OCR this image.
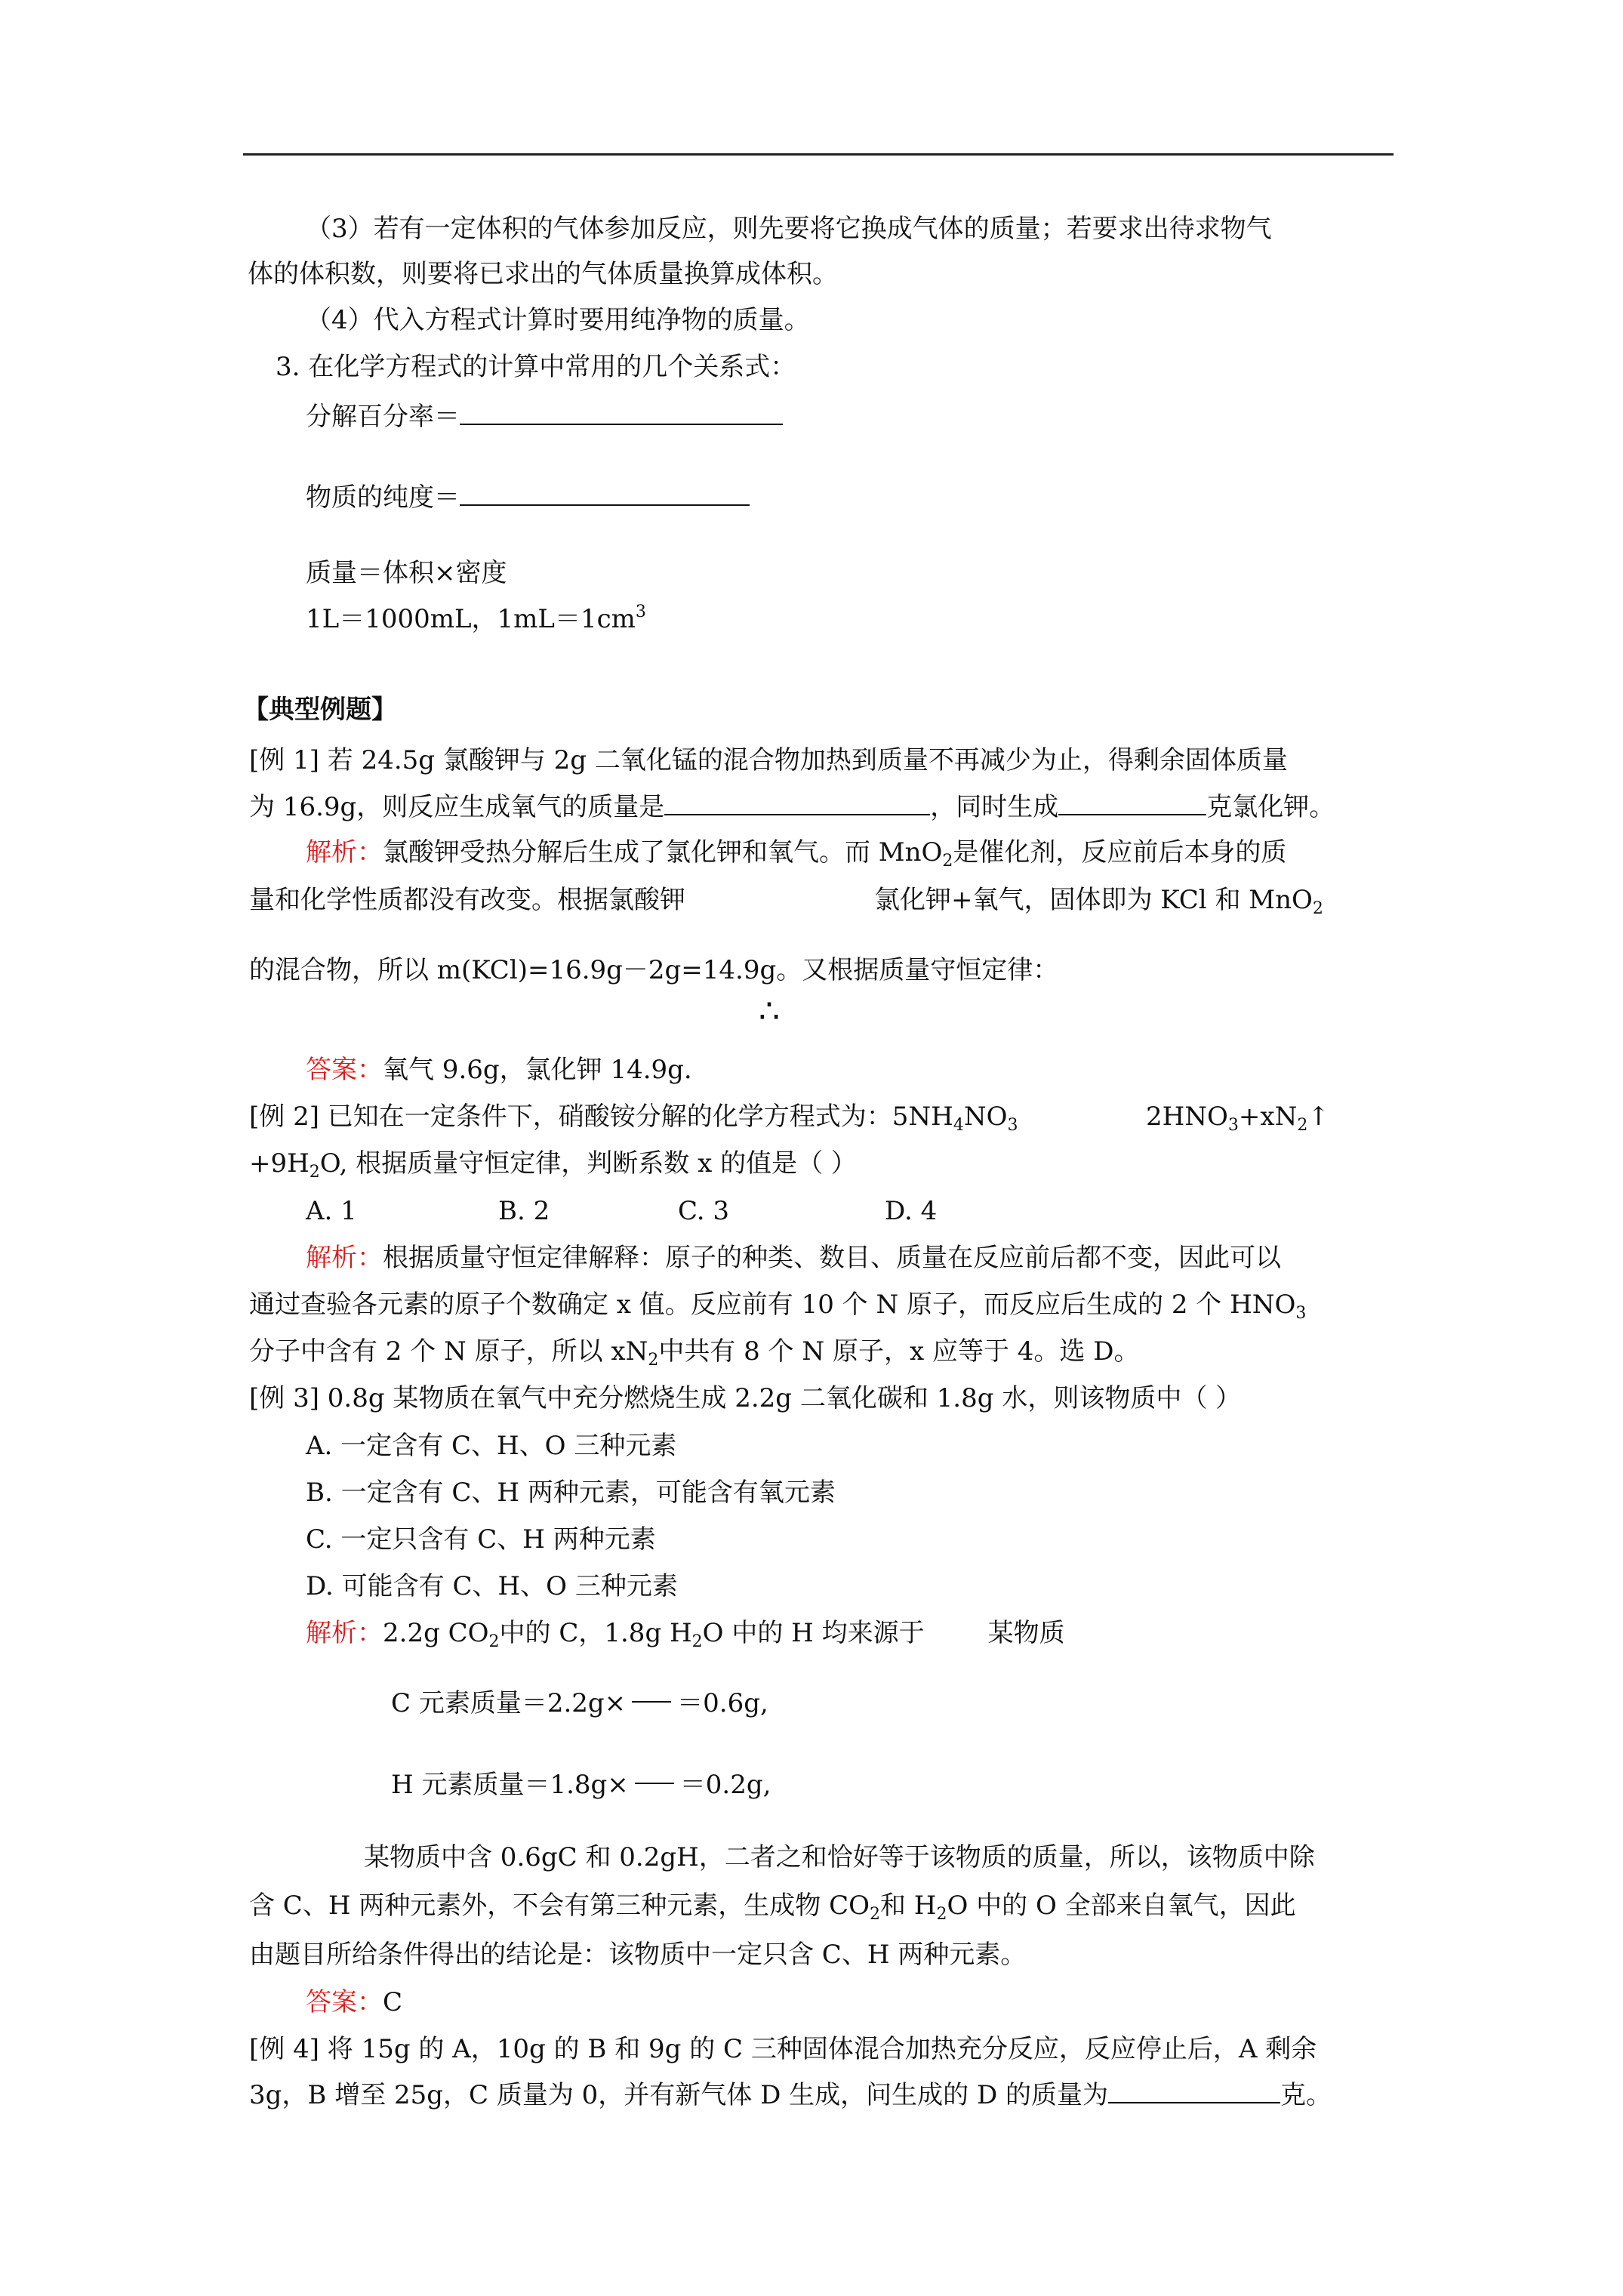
（3）若有一定体积的气体参加反应，则先要将它换成气体的质量；若要求出待求物气
体的体积数，则要将已求出的气体质量换算成体积。
（4）代入方程式计算时要用纯净物的质量。
3. 在化学方程式的计算中常用的几个关系式：
分解百分率＝
物质的纯度＝
质量＝体积×密度
1L＝1000mL，$1mL=1cm^3$
【典型例题】
[例 1] 若 24.5g 氯酸钾与 2g 二氧化锰的混合物加热到质量不再减少为止，得剩余固体质量
为 16.9g，则反应生成氧气的质量是	，同时生成	克氯化钾。
解析：氯酸钾受热分解后生成了氯化钾和氧气。而 MnO$_2$是催化剂，反应前后本身的质
量和化学性质都没有改变。根据氯酸钾	氯化钾+氧气，固体即为 KCl 和 MnO$_2$
的混合物，所以 m(KCl)=16.9g－2g=14.9g。又根据质量守恒定律：
∴
答案：氧气 9.6g，氯化钾 14.9g.
[例 2] 已知在一定条件下，硝酸铵分解的化学方程式为：$5NH_4NO_3$	$2HNO_3+xN_2↑$
$+9H_2O$, 根据质量守恒定律，判断系数 x 的值是（ ）
A. 1	B. 2	C. 3	D. 4
解析：根据质量守恒定律解释：原子的种类、数目、质量在反应前后都不变，因此可以
通过查验各元素的原子个数确定 x 值。反应前有 10 个 N 原子，而反应后生成的 2 个 $HNO_3$
分子中含有 2 个 N 原子，所以 $xN_2$中共有 8 个 N 原子，x 应等于 4。选 D。
[例 3] 0.8g 某物质在氧气中充分燃烧生成 2.2g 二氧化碳和 1.8g 水，则该物质中（ ）
A. 一定含有 C、H、O 三种元素
B. 一定含有 C、H 两种元素，可能含有氧元素
C. 一定只含有 C、H 两种元素
D. 可能含有 C、H、O 三种元素
解析：2.2g $CO_2$中的 C，1.8g $H_2O$ 中的 H 均来源于 某物质
C 元素质量＝2.2g× ＝0.6g,
H 元素质量＝1.8g× ＝0.2g,
某物质中含 0.6gC 和 0.2gH，二者之和恰好等于该物质的质量，所以，该物质中除
含 C、H 两种元素外，不会有第三种元素，生成物 $CO_2$和 $H_2O$ 中的 O 全部来自氧气，因此
由题目所给条件得出的结论是：该物质中一定只含 C、H 两种元素。
答案：C
[例 4] 将 15g 的 A，10g 的 B 和 9g 的 C 三种固体混合加热充分反应，反应停止后，A 剩余
3g，B 增至 25g，C 质量为 0，并有新气体 D 生成，问生成的 D 的质量为	克。
